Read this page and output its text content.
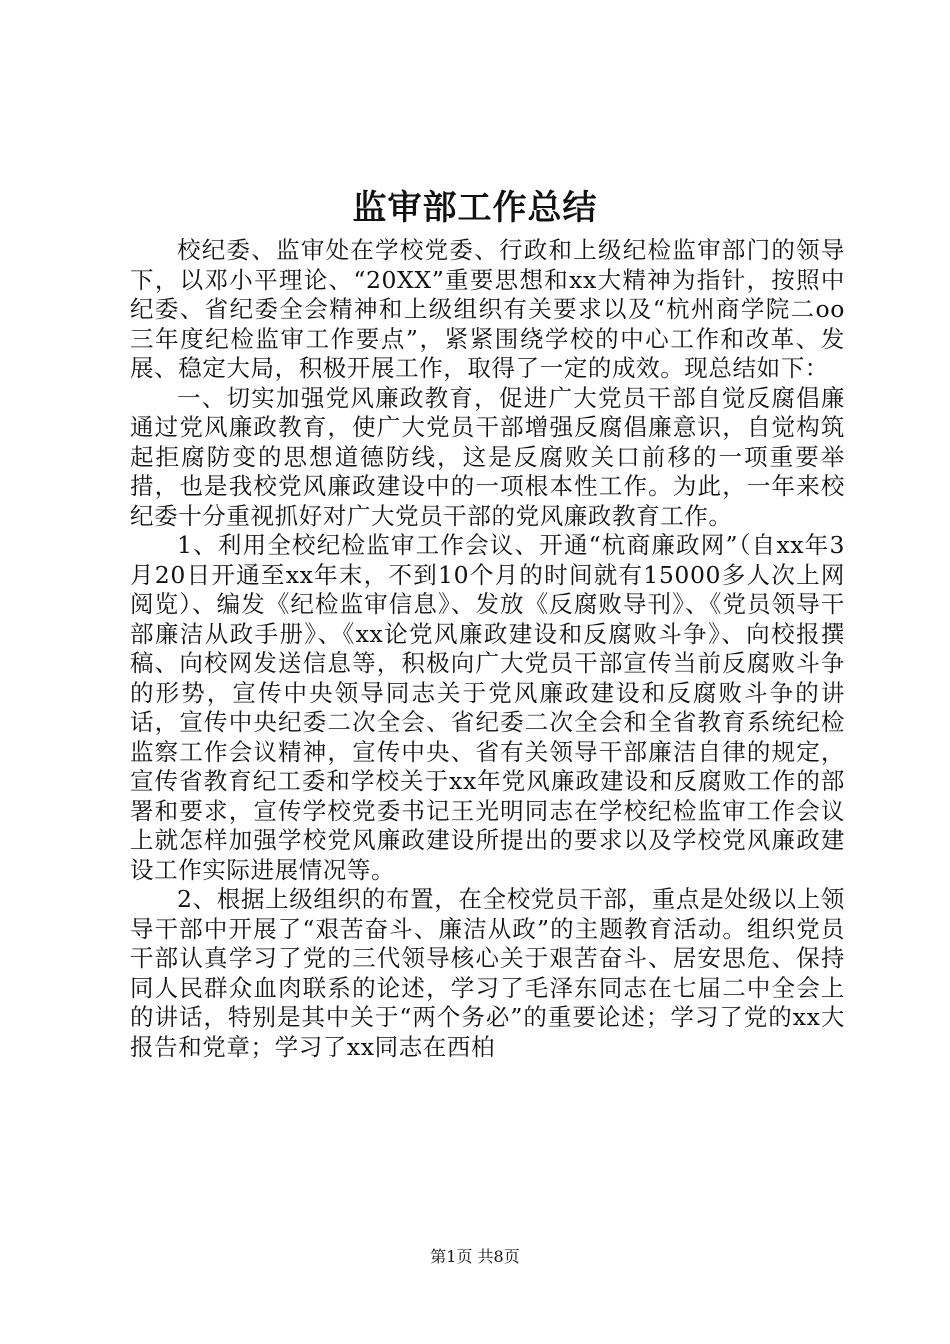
监审部工作总结

校纪委、监审处在学校党委、行政和上级纪检监审部门的领导下，以邓小平理论、“20XX”重要思想和xx大精神为指针，按照中纪委、省纪委全会精神和上级组织有关要求以及“杭州商学院二oo三年度纪检监审工作要点”，紧紧围绕学校的中心工作和改革、发展、稳定大局，积极开展工作，取得了一定的成效。现总结如下：

一、切实加强党风廉政教育，促进广大党员干部自觉反腐倡廉通过党风廉政教育，使广大党员干部增强反腐倡廉意识，自觉构筑起拒腐防变的思想道德防线，这是反腐败关口前移的一项重要举措，也是我校党风廉政建设中的一项根本性工作。为此，一年来校纪委十分重视抓好对广大党员干部的党风廉政教育工作。

1、利用全校纪检监审工作会议、开通“杭商廉政网”（自xx年3月20日开通至xx年末，不到10个月的时间就有15000多人次上网阅览）、编发《纪检监审信息》、发放《反腐败导刊》、《党员领导干部廉洁从政手册》、《xx论党风廉政建设和反腐败斗争》、向校报撰稿、向校网发送信息等，积极向广大党员干部宣传当前反腐败斗争的形势，宣传中央领导同志关于党风廉政建设和反腐败斗争的讲话，宣传中央纪委二次全会、省纪委二次全会和全省教育系统纪检监察工作会议精神，宣传中央、省有关领导干部廉洁自律的规定，宣传省教育纪工委和学校关于xx年党风廉政建设和反腐败工作的部署和要求，宣传学校党委书记王光明同志在学校纪检监审工作会议上就怎样加强学校党风廉政建设所提出的要求以及学校党风廉政建设工作实际进展情况等。

2、根据上级组织的布置，在全校党员干部，重点是处级以上领导干部中开展了“艰苦奋斗、廉洁从政”的主题教育活动。组织党员干部认真学习了党的三代领导核心关于艰苦奋斗、居安思危、保持同人民群众血肉联系的论述，学习了毛泽东同志在七届二中全会上的讲话，特别是其中关于“两个务必”的重要论述；学习了党的xx大报告和党章；学习了xx同志在西柏

第1页 共8页
